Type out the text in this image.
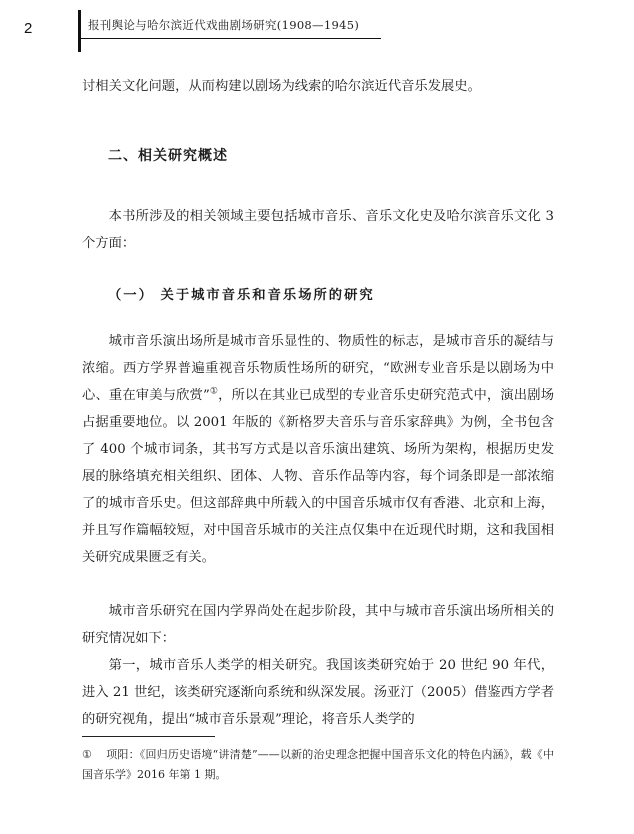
2	报刊舆论与哈尔滨近代戏曲剧场研究(1908—1945)

讨相关文化问题，从而构建以剧场为线索的哈尔滨近代音乐发展史。

二、相关研究概述

本书所涉及的相关领域主要包括城市音乐、音乐文化史及哈尔滨音乐文化 3 个方面：

（一） 关于城市音乐和音乐场所的研究

城市音乐演出场所是城市音乐显性的、物质性的标志，是城市音乐的凝结与浓缩。西方学界普遍重视音乐物质性场所的研究，“欧洲专业音乐是以剧场为中心、重在审美与欣赏”①，所以在其业已成型的专业音乐史研究范式中，演出剧场占据重要地位。以 2001 年版的《新格罗夫音乐与音乐家辞典》为例，全书包含了 400 个城市词条，其书写方式是以音乐演出建筑、场所为架构，根据历史发展的脉络填充相关组织、团体、人物、音乐作品等内容，每个词条即是一部浓缩了的城市音乐史。但这部辞典中所载入的中国音乐城市仅有香港、北京和上海，并且写作篇幅较短，对中国音乐城市的关注点仅集中在近现代时期，这和我国相关研究成果匮乏有关。

城市音乐研究在国内学界尚处在起步阶段，其中与城市音乐演出场所相关的研究情况如下：

第一，城市音乐人类学的相关研究。我国该类研究始于 20 世纪 90 年代，进入 21 世纪，该类研究逐渐向系统和纵深发展。汤亚汀（2005）借鉴西方学者的研究视角，提出“城市音乐景观”理论，将音乐人类学的

① 项阳：《回归历史语境“讲清楚”——以新的治史理念把握中国音乐文化的特色内涵》，载《中国音乐学》2016 年第 1 期。
